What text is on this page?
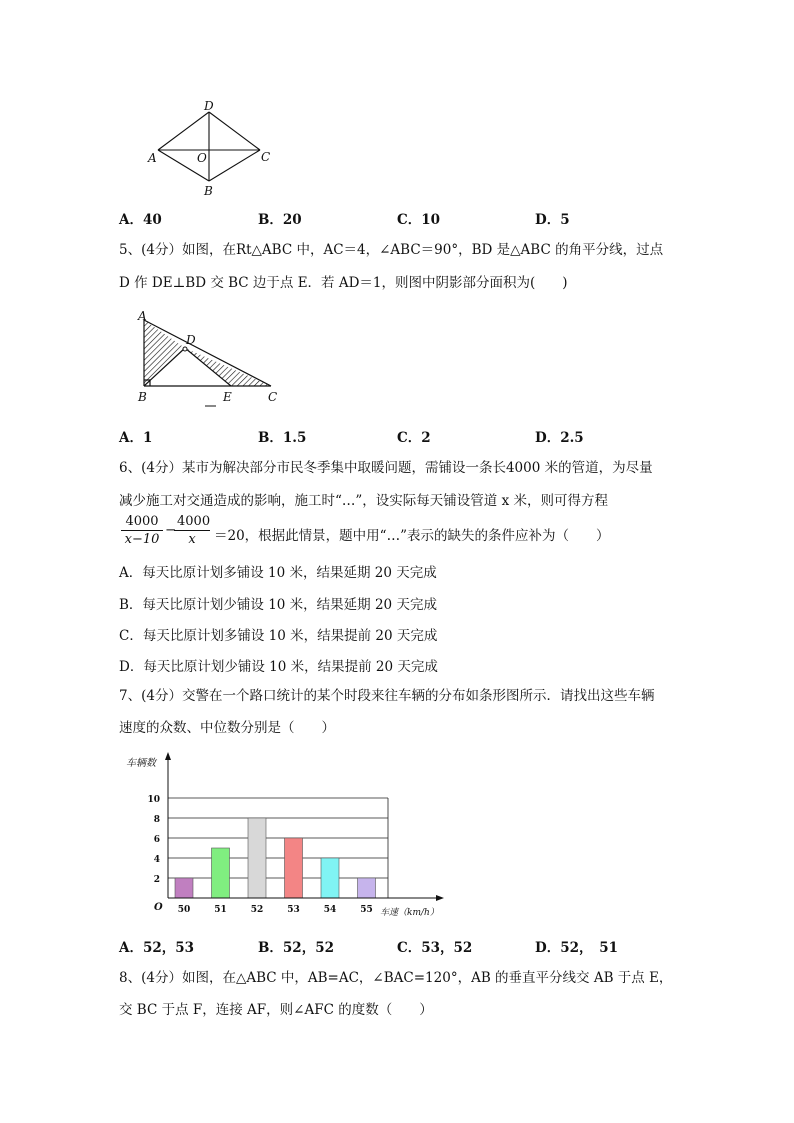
D
A	O	C
B
A．40	B．20	C．10	D．5
5、(4分）如图，在Rt△ABC 中，AC＝4，∠ABC＝90°，BD 是△ABC 的角平分线，过点
D 作 DE⊥BD 交 BC 边于点 E．若 AD＝1，则图中阴影部分面积为(　　)
A
D
B	E	C
A．1	B．1.5	C．2	D．2.5
6、(4分）某市为解决部分市民冬季集中取暖问题，需铺设一条长4000 米的管道，为尽量
减少施工对交通造成的影响，施工时“…”，设实际每天铺设管道 x 米，则可得方程
$\frac{4000}{x-10}$ −
$\frac{4000}{x} =20$，根据此情景，题中用“…”表示的缺失的条件应补为（　　）
A．每天比原计划多铺设 10 米，结果延期 20 天完成
B．每天比原计划少铺设 10 米，结果延期 20 天完成
C．每天比原计划多铺设 10 米，结果提前 20 天完成
D．每天比原计划少铺设 10 米，结果提前 20 天完成
7、(4分）交警在一个路口统计的某个时段来往车辆的分布如条形图所示．请找出这些车辆
速度的众数、中位数分别是（　　）
2
4
6
8
10
50	51	52	53	54	55
车辆数
O	车速（km/h）
A．52，53	B．52，52	C．53，52	D．52，　51
8、(4分）如图，在△ABC 中，AB=AC，∠BAC=120°，AB 的垂直平分线交 AB 于点 E，
交 BC 于点 F，连接 AF，则∠AFC 的度数（　　）
